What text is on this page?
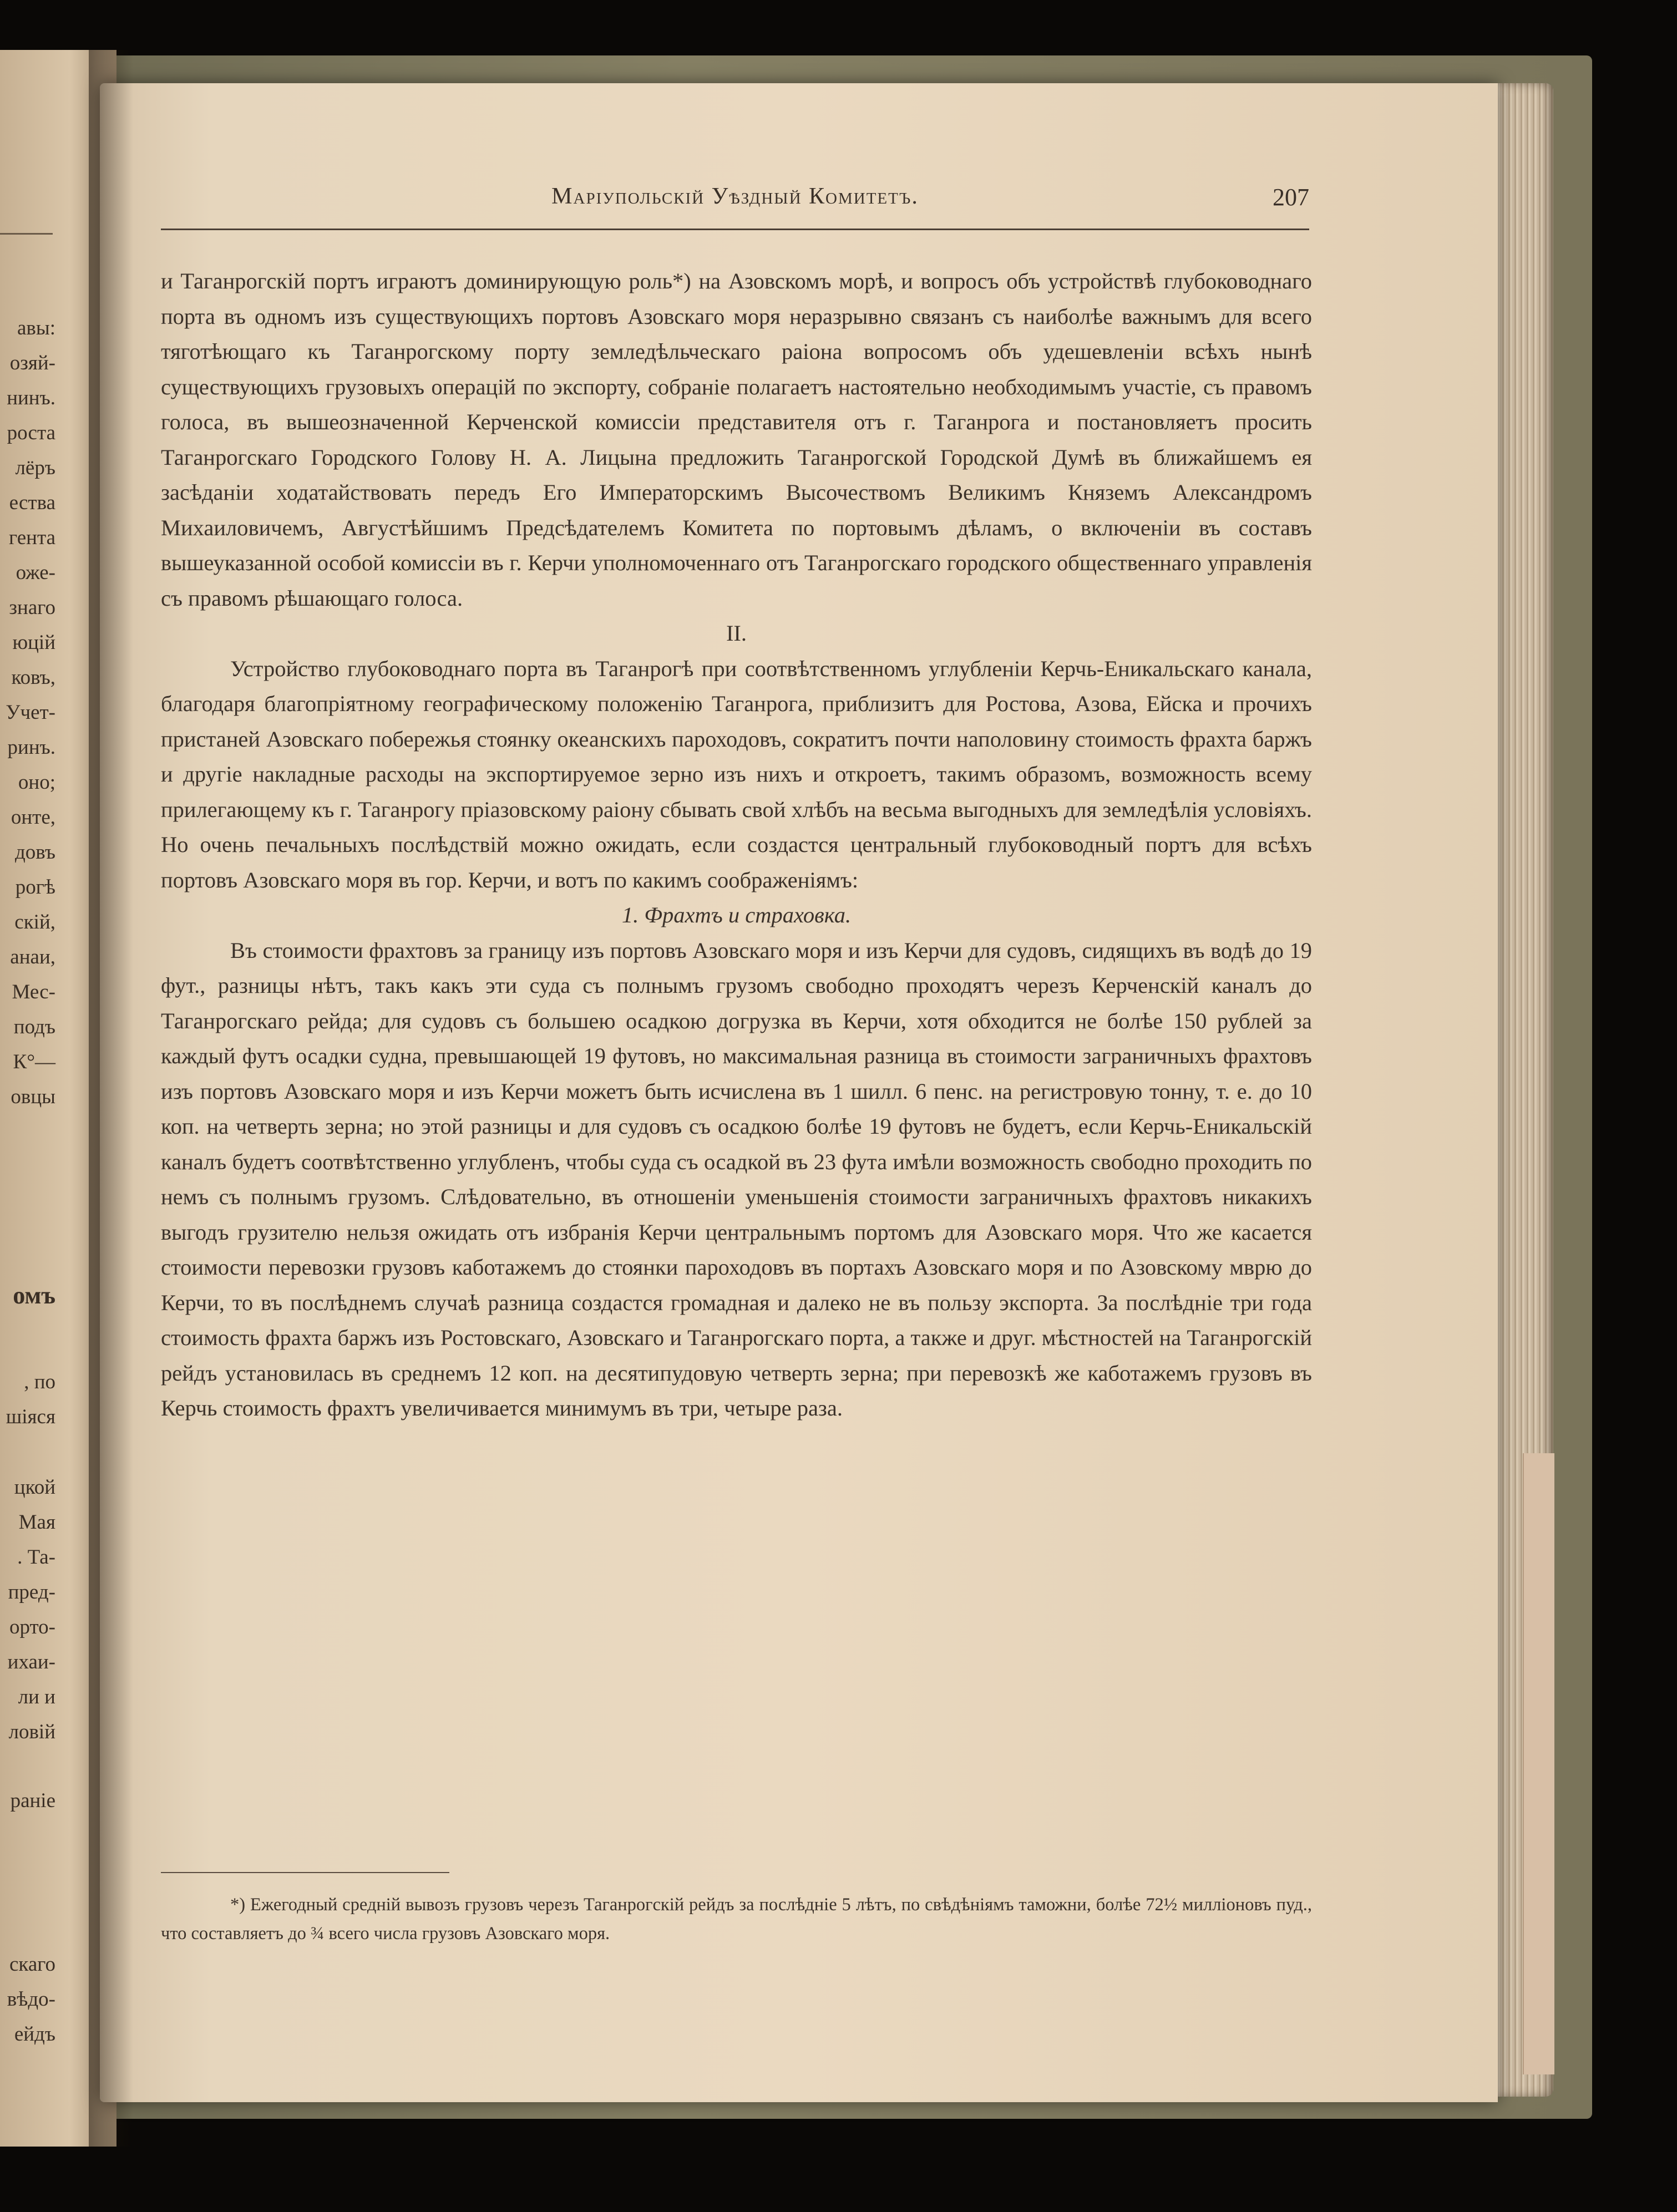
авы:
озяй-
нинъ.
роста
лёръ
ества
гента
оже-
знаго
юцій
ковъ,
Учет-
ринъ.
оно;
онте,
довъ
рогѣ
скій,
анаи,
Мес-
подъ
К°—
овцы
омъ
, по
шіяся
цкой
Мая
. Та-
пред-
орто-
ихаи-
ли и
ловій
раніе
скаго
вѣдо-
ейдъ
Маріупольскій Уѣздный Комитетъ.	207

и Таганрогскій портъ играютъ доминирующую роль*) на Азовскомъ морѣ, и вопросъ объ устройствѣ глубоководнаго порта въ одномъ изъ существующихъ портовъ Азовскаго моря неразрывно связанъ съ наиболѣе важнымъ для всего тяготѣющаго къ Таганрогскому порту земледѣльческаго раіона вопросомъ объ удешевленіи всѣхъ нынѣ существующихъ грузовыхъ операцій по экспорту, собраніе полагаетъ настоятельно необходимымъ участіе, съ правомъ голоса, въ вышеозначенной Керченской комиссіи представителя отъ г. Таганрога и постановляетъ просить Таганрогскаго Городского Голову Н. А. Лицына предложить Таганрогской Городской Думѣ въ ближайшемъ ея засѣданіи ходатайствовать передъ Его Императорскимъ Высочествомъ Великимъ Княземъ Александромъ Михаиловичемъ, Августѣйшимъ Предсѣдателемъ Комитета по портовымъ дѣламъ, о включеніи въ составъ вышеуказанной особой комиссіи въ г. Керчи уполномоченнаго отъ Таганрогскаго городского общественнаго управленія съ правомъ рѣшающаго голоса.

II.

Устройство глубоководнаго порта въ Таганрогѣ при соотвѣтственномъ углубленіи Керчь-Еникальскаго канала, благодаря благопріятному географическому положенію Таганрога, приблизитъ для Ростова, Азова, Ейска и прочихъ пристаней Азовскаго побережья стоянку океанскихъ пароходовъ, сократитъ почти наполовину стоимость фрахта баржъ и другіе накладные расходы на экспортируемое зерно изъ нихъ и откроетъ, такимъ образомъ, возможность всему прилегающему къ г. Таганрогу пріазовскому раіону сбывать свой хлѣбъ на весьма выгодныхъ для земледѣлія условіяхъ. Но очень печальныхъ послѣдствій можно ожидать, если создастся центральный глубоководный портъ для всѣхъ портовъ Азовскаго моря въ гор. Керчи, и вотъ по какимъ соображеніямъ:

1. Фрахтъ и страховка.

Въ стоимости фрахтовъ за границу изъ портовъ Азовскаго моря и изъ Керчи для судовъ, сидящихъ въ водѣ до 19 фут., разницы нѣтъ, такъ какъ эти суда съ полнымъ грузомъ свободно проходятъ черезъ Керченскій каналъ до Таганрогскаго рейда; для судовъ съ большею осадкою догрузка въ Керчи, хотя обходится не болѣе 150 рублей за каждый футъ осадки судна, превышающей 19 футовъ, но максимальная разница въ стоимости заграничныхъ фрахтовъ изъ портовъ Азовскаго моря и изъ Керчи можетъ быть исчислена въ 1 шилл. 6 пенс. на регистровую тонну, т. е. до 10 коп. на четверть зерна; но этой разницы и для судовъ съ осадкою болѣе 19 футовъ не будетъ, если Керчь-Еникальскій каналъ будетъ соотвѣтственно углубленъ, чтобы суда съ осадкой въ 23 фута имѣли возможность свободно проходить по немъ съ полнымъ грузомъ. Слѣдовательно, въ отношеніи уменьшенія стоимости заграничныхъ фрахтовъ никакихъ выгодъ грузителю нельзя ожидать отъ избранія Керчи центральнымъ портомъ для Азовскаго моря. Что же касается стоимости перевозки грузовъ каботажемъ до стоянки пароходовъ въ портахъ Азовскаго моря и по Азовскому мврю до Керчи, то въ послѣднемъ случаѣ разница создастся громадная и далеко не въ пользу экспорта. За послѣдніе три года стоимость фрахта баржъ изъ Ростовскаго, Азовскаго и Таганрогскаго порта, а также и друг. мѣстностей на Таганрогскій рейдъ установилась въ среднемъ 12 коп. на десятипудовую четверть зерна; при перевозкѣ же каботажемъ грузовъ въ Керчь стоимость фрахтъ увеличивается минимумъ въ три, четыре раза.

*) Ежегодный средній вывозъ грузовъ черезъ Таганрогскій рейдъ за послѣдніе 5 лѣтъ, по свѣдѣніямъ таможни, болѣе 72½ милліоновъ пуд., что составляетъ до ¾ всего числа грузовъ Азовскаго моря.
